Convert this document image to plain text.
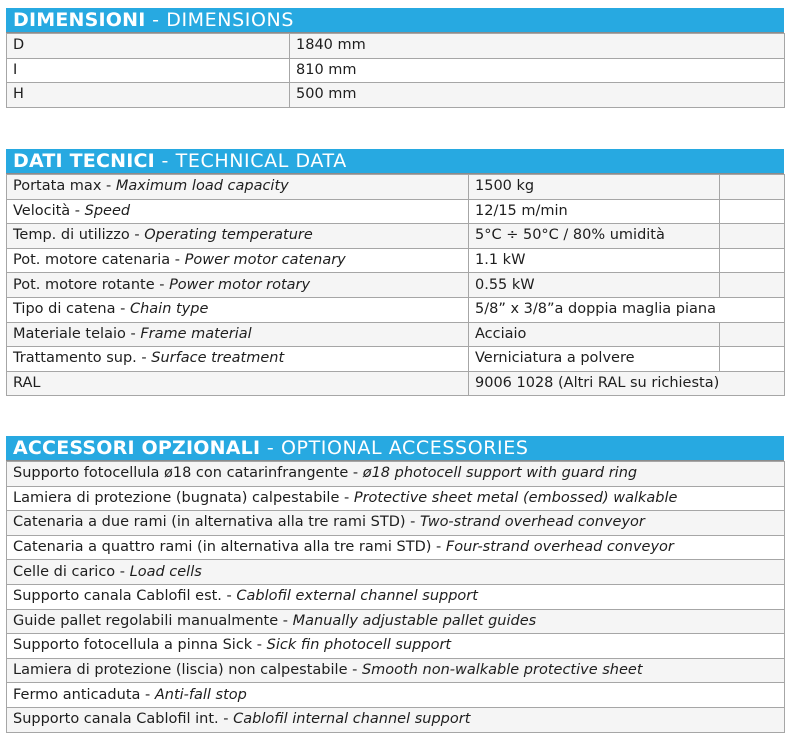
DIMENSIONI - DIMENSIONS
D	1840 mm
I	810 mm
H	500 mm
DATI TECNICI - TECHNICAL DATA
Portata max - Maximum load capacity	1500 kg	
Velocità - Speed	12/15 m/min	
Temp. di utilizzo - Operating temperature	5°C ÷ 50°C / 80% umidità	
Pot. motore catenaria - Power motor catenary	1.1 kW	
Pot. motore rotante - Power motor rotary	0.55 kW	
Tipo di catena - Chain type	5/8” x 3/8”a doppia maglia piana	
Materiale telaio - Frame material	Acciaio	
Trattamento sup. - Surface treatment	Verniciatura a polvere	
RAL	9006 1028 (Altri RAL su richiesta)	
ACCESSORI OPZIONALI - OPTIONAL ACCESSORIES
Supporto fotocellula ø18 con catarinfrangente - ø18 photocell support with guard ring
Lamiera di protezione (bugnata) calpestabile - Protective sheet metal (embossed) walkable
Catenaria a due rami (in alternativa alla tre rami STD) - Two-strand overhead conveyor
Catenaria a quattro rami (in alternativa alla tre rami STD) - Four-strand overhead conveyor
Celle di carico - Load cells
Supporto canala Cablofil est. - Cablofil external channel support
Guide pallet regolabili manualmente - Manually adjustable pallet guides
Supporto fotocellula a pinna Sick - Sick fin photocell support
Lamiera di protezione (liscia) non calpestabile - Smooth non-walkable protective sheet
Fermo anticaduta - Anti-fall stop
Supporto canala Cablofil int. - Cablofil internal channel support
